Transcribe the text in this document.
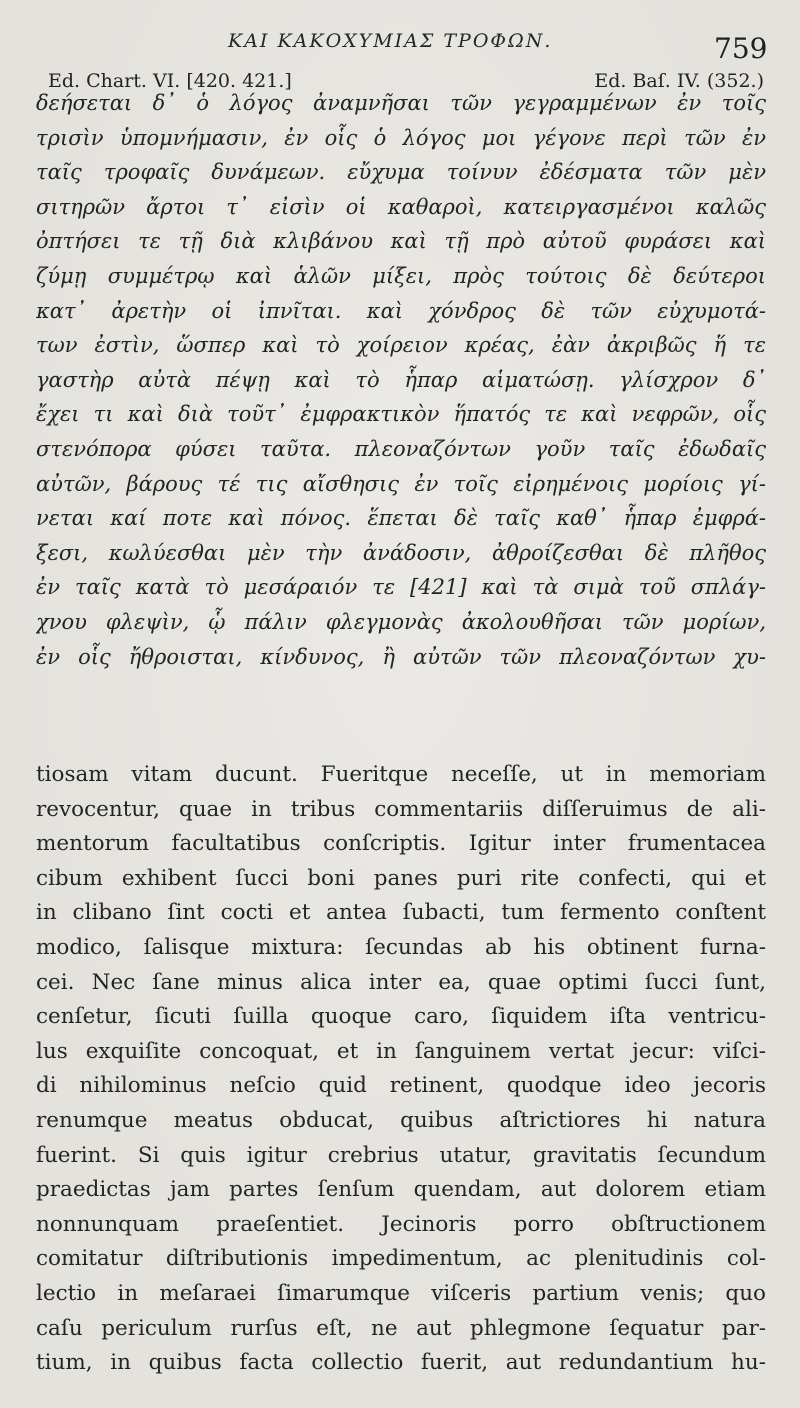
ΚΑΙ ΚΑΚΟΧΥΜΙΑΣ ΤΡΟΦΩΝ.	759
Ed. Chart. VI. [420. 421.]	Ed. Baſ. IV. (352.)
δεήσεται δ᾽ ὁ λόγος ἀναμνῆσαι τῶν γεγραμμένων ἐν τοῖς
τρισὶν ὑπομνήμασιν, ἐν οἷς ὁ λόγος μοι γέγονε περὶ τῶν ἐν
ταῖς τροφαῖς δυνάμεων. εὔχυμα τοίνυν ἐδέσματα τῶν μὲν
σιτηρῶν ἄρτοι τ᾽ εἰσὶν οἱ καθαροὶ, κατειργασμένοι καλῶς
ὀπτήσει τε τῇ διὰ κλιβάνου καὶ τῇ πρὸ αὐτοῦ φυράσει καὶ
ζύμῃ συμμέτρῳ καὶ ἁλῶν μίξει, πρὸς τούτοις δὲ δεύτεροι
κατ᾽ ἀρετὴν οἱ ἰπνῖται. καὶ χόνδρος δὲ τῶν εὐχυμοτά-
των ἐστὶν, ὥσπερ καὶ τὸ χοίρειον κρέας, ἐὰν ἀκριβῶς ἥ τε
γαστὴρ αὐτὰ πέψῃ καὶ τὸ ἧπαρ αἱματώσῃ. γλίσχρον δ᾽
ἔχει τι καὶ διὰ τοῦτ᾽ ἐμφρακτικὸν ἥπατός τε καὶ νεφρῶν, οἷς
στενόπορα φύσει ταῦτα. πλεοναζόντων γοῦν ταῖς ἐδωδαῖς
αὐτῶν, βάρους τέ τις αἴσθησις ἐν τοῖς εἰρημένοις μορίοις γί-
νεται καί ποτε καὶ πόνος. ἕπεται δὲ ταῖς καθ᾽ ἧπαρ ἐμφρά-
ξεσι, κωλύεσθαι μὲν τὴν ἀνάδοσιν, ἀθροίζεσθαι δὲ πλῆθος
ἐν ταῖς κατὰ τὸ μεσάραιόν τε [421] καὶ τὰ σιμὰ τοῦ σπλάγ-
χνου φλεψὶν, ᾧ πάλιν φλεγμονὰς ἀκολουθῆσαι τῶν μορίων,
ἐν οἷς ἤθροισται, κίνδυνος, ἢ αὐτῶν τῶν πλεοναζόντων χυ-
tiosam vitam ducunt. Fueritque neceſſe, ut in memoriam
revocentur, quae in tribus commentariis diſſeruimus de ali-
mentorum facultatibus conſcriptis. Igitur inter frumentacea
cibum exhibent ſucci boni panes puri rite confecti, qui et
in clibano ſint cocti et antea ſubacti, tum fermento conſtent
modico, ſalisque mixtura: ſecundas ab his obtinent furna-
cei. Nec ſane minus alica inter ea, quae optimi ſucci ſunt,
cenſetur, ſicuti ſuilla quoque caro, ſiquidem iſta ventricu-
lus exquiſite concoquat, et in ſanguinem vertat jecur: viſci-
di nihilominus neſcio quid retinent, quodque ideo jecoris
renumque meatus obducat, quibus aſtrictiores hi natura
fuerint. Si quis igitur crebrius utatur, gravitatis ſecundum
praedictas jam partes ſenſum quendam, aut dolorem etiam
nonnunquam praeſentiet. Jecinoris porro obſtructionem
comitatur diſtributionis impedimentum, ac plenitudinis col-
lectio in meſaraei ſimarumque viſceris partium venis; quo
caſu periculum rurſus eſt, ne aut phlegmone ſequatur par-
tium, in quibus facta collectio fuerit, aut redundantium hu-
